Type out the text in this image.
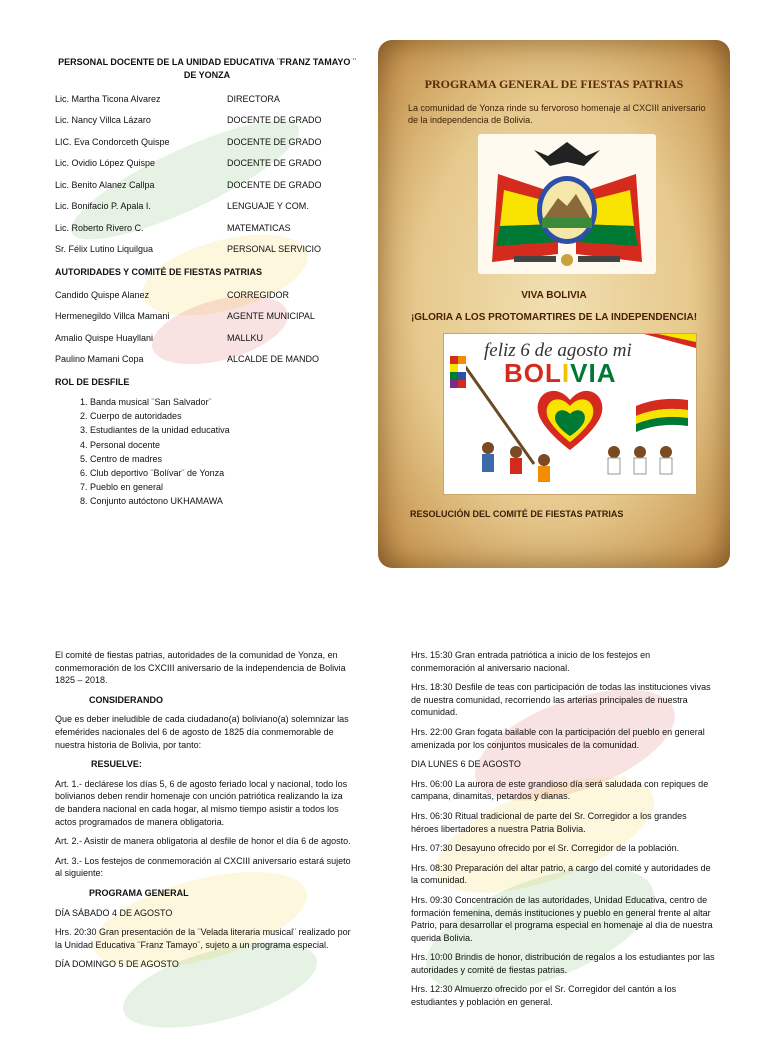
PERSONAL DOCENTE DE LA UNIDAD EDUCATIVA ¨FRANZ TAMAYO ¨ DE YONZA
Lic. Martha Ticona Alvarez	DIRECTORA
Lic. Nancy Villca Lázaro	DOCENTE DE GRADO
LIC. Eva Condorceth Quispe	DOCENTE DE GRADO
Lic. Ovidio López Quispe	DOCENTE DE GRADO
Lic. Benito Alanez Callpa	DOCENTE DE GRADO
Lic. Bonifacio P. Apala I.	LENGUAJE Y COM.
Lic. Roberto Rivero C.	MATEMATICAS
Sr. Félix Lutino Liquilgua	PERSONAL SERVICIO
AUTORIDADES Y COMITÉ DE FIESTAS PATRIAS
Candido Quispe Alanez	CORREGIDOR
Hermenegildo Villca Mamani	AGENTE MUNICIPAL
Amalio Quispe Huayllani	MALLKU
Paulino Mamani Copa	ALCALDE DE MANDO
ROL DE DESFILE
1. Banda musical ¨San Salvador¨
2. Cuerpo de autoridades
3. Estudiantes de la unidad educativa
4. Personal docente
5. Centro de madres
6. Club deportivo ¨Bolívar¨ de Yonza
7. Pueblo en general
8. Conjunto autóctono UKHAMAWA
PROGRAMA GENERAL DE FIESTAS PATRIAS
La comunidad de Yonza rinde su fervoroso homenaje al CXCIII aniversario de la independencia de Bolivia.
VIVA BOLIVIA
¡GLORIA A LOS PROTOMARTIRES DE LA INDEPENDENCIA!
feliz 6 de agosto mi
BOLIVIA
RESOLUCIÓN DEL COMITÉ DE FIESTAS PATRIAS

El comité de fiestas patrias, autoridades de la comunidad de Yonza, en conmemoración de los CXCIII aniversario de la independencia de Bolivia 1825 – 2018.

CONSIDERANDO

Que es deber ineludible de cada ciudadano(a) boliviano(a) solemnizar las efemérides nacionales del 6 de agosto de 1825 día conmemorable de nuestra historia de Bolivia, por tanto:

RESUELVE:

Art. 1.- declárese los días 5, 6 de agosto feriado local y nacional, todo los bolivianos deben rendir homenaje con unción patriótica realizando la iza de bandera nacional en cada hogar, al mismo tiempo asistir a todos los actos programados de manera obligatoria.

Art. 2.- Asistir de manera obligatoria al desfile de honor el día 6 de agosto.

Art. 3.- Los festejos de conmemoración al CXCIII aniversario estará sujeto al siguiente:

PROGRAMA GENERAL

DÍA SÁBADO 4 DE AGOSTO

Hrs. 20:30 Gran presentación de la ¨Velada literaria musical¨ realizado por la Unidad Educativa ¨Franz Tamayo¨, sujeto a un programa especial.

DÍA DOMINGO 5 DE AGOSTO

Hrs. 15:30 Gran entrada patriótica a inicio de los festejos en conmemoración al aniversario nacional.

Hrs. 18:30 Desfile de teas con participación de todas las instituciones vivas de nuestra comunidad, recorriendo las arterias principales de nuestra comunidad.

Hrs. 22:00 Gran fogata bailable con la participación del pueblo en general amenizada por los conjuntos musicales de la comunidad.

DIA LUNES 6 DE AGOSTO

Hrs. 06:00 La aurora de este grandioso día será saludada con repiques de campana, dinamitas, petardos y dianas.

Hrs. 06:30 Ritual tradicional de parte del Sr. Corregidor a los grandes héroes libertadores a nuestra Patria Bolivia.

Hrs. 07:30 Desayuno ofrecido por el Sr. Corregidor de la población.

Hrs. 08:30 Preparación del altar patrio, a cargo del comité y autoridades de la comunidad.

Hrs. 09:30 Concentración de las autoridades, Unidad Educativa, centro de formación femenina, demás instituciones y pueblo en general frente al altar Patrio, para desarrollar el programa especial en homenaje al día de nuestra querida Bolivia.

Hrs. 10:00 Brindis de honor, distribución de regalos a los estudiantes por las autoridades y comité de fiestas patrias.

Hrs. 12:30 Almuerzo ofrecido por el Sr. Corregidor del cantón a los estudiantes y población en general.
